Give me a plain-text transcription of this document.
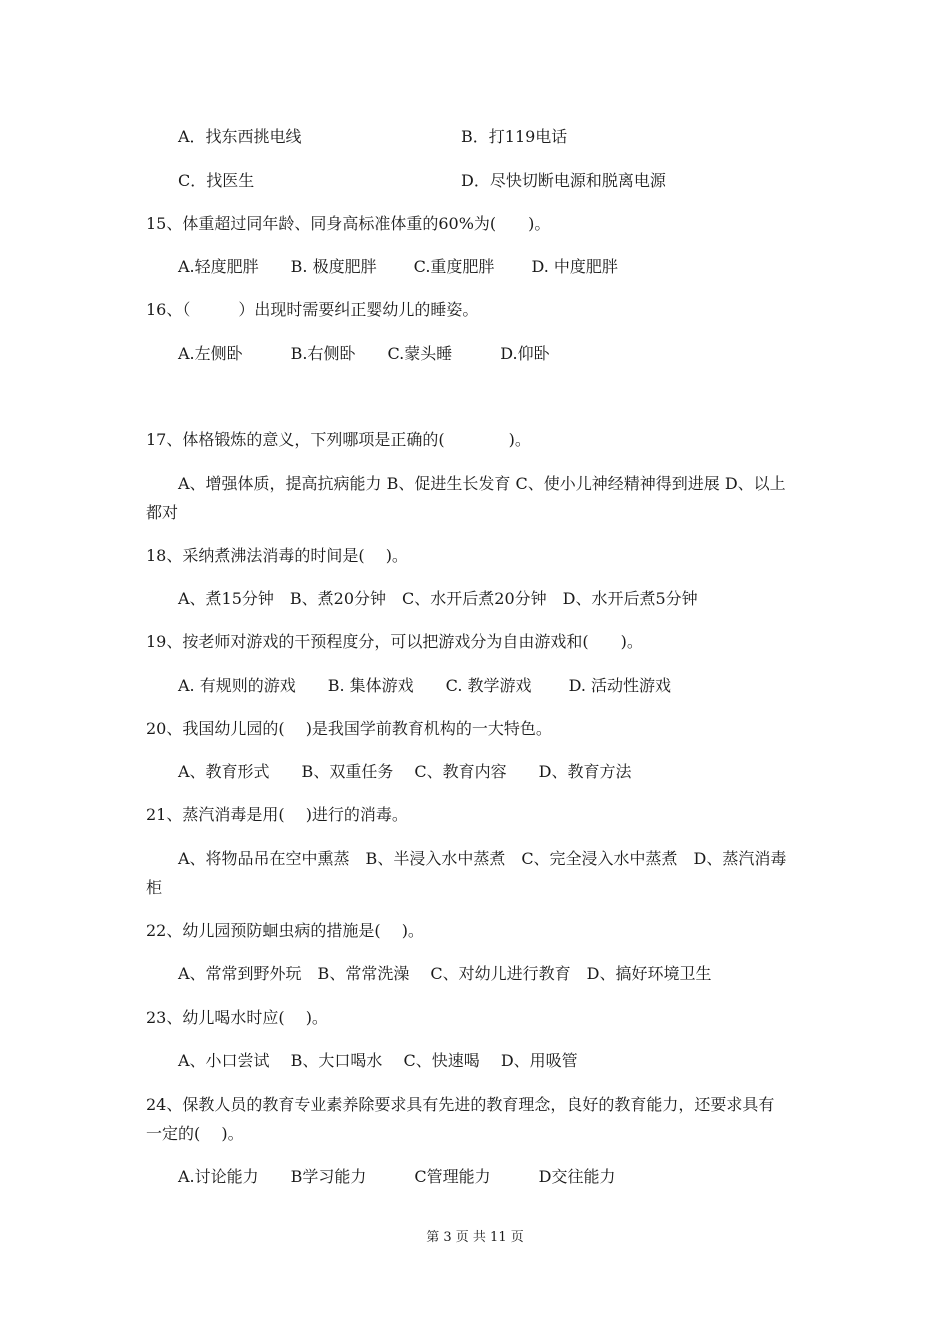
A．找东西挑电线	B．打119电话
C．找医生	D．尽快切断电源和脱离电源
15、体重超过同年龄、同身高标准体重的60%为(　　)。
A.轻度肥胖　　B. 极度肥胖　　 C.重度肥胖　　 D. 中度肥胖
16、（　　　）出现时需要纠正婴幼儿的睡姿。
A.左侧卧　　　B.右侧卧　　C.蒙头睡　　　D.仰卧
17、体格锻炼的意义，下列哪项是正确的(　　　　)。
A、增强体质，提高抗病能力 B、促进生长发育 C、使小儿神经精神得到进展 D、以上
都对
18、采纳煮沸法消毒的时间是(　 )。
A、煮15分钟　B、煮20分钟　C、水开后煮20分钟　D、水开后煮5分钟
19、按老师对游戏的干预程度分，可以把游戏分为自由游戏和(　　)。
A. 有规则的游戏　　B. 集体游戏　　C. 教学游戏　　 D. 活动性游戏
20、我国幼儿园的(　 )是我国学前教育机构的一大特色。
A、教育形式　　B、双重任务　 C、教育内容　　D、教育方法
21、蒸汽消毒是用(　 )进行的消毒。
A、将物品吊在空中熏蒸　B、半浸入水中蒸煮　C、完全浸入水中蒸煮　D、蒸汽消毒
柜
22、幼儿园预防蛔虫病的措施是(　 )。
A、常常到野外玩　B、常常洗澡　 C、对幼儿进行教育　D、搞好环境卫生
23、幼儿喝水时应(　 )。
A、小口尝试　 B、大口喝水　 C、快速喝　 D、用吸管
24、保教人员的教育专业素养除要求具有先进的教育理念，良好的教育能力，还要求具有
一定的(　 )。
A.讨论能力　　B学习能力　　　C管理能力　　　D交往能力
第 3 页 共 11 页
